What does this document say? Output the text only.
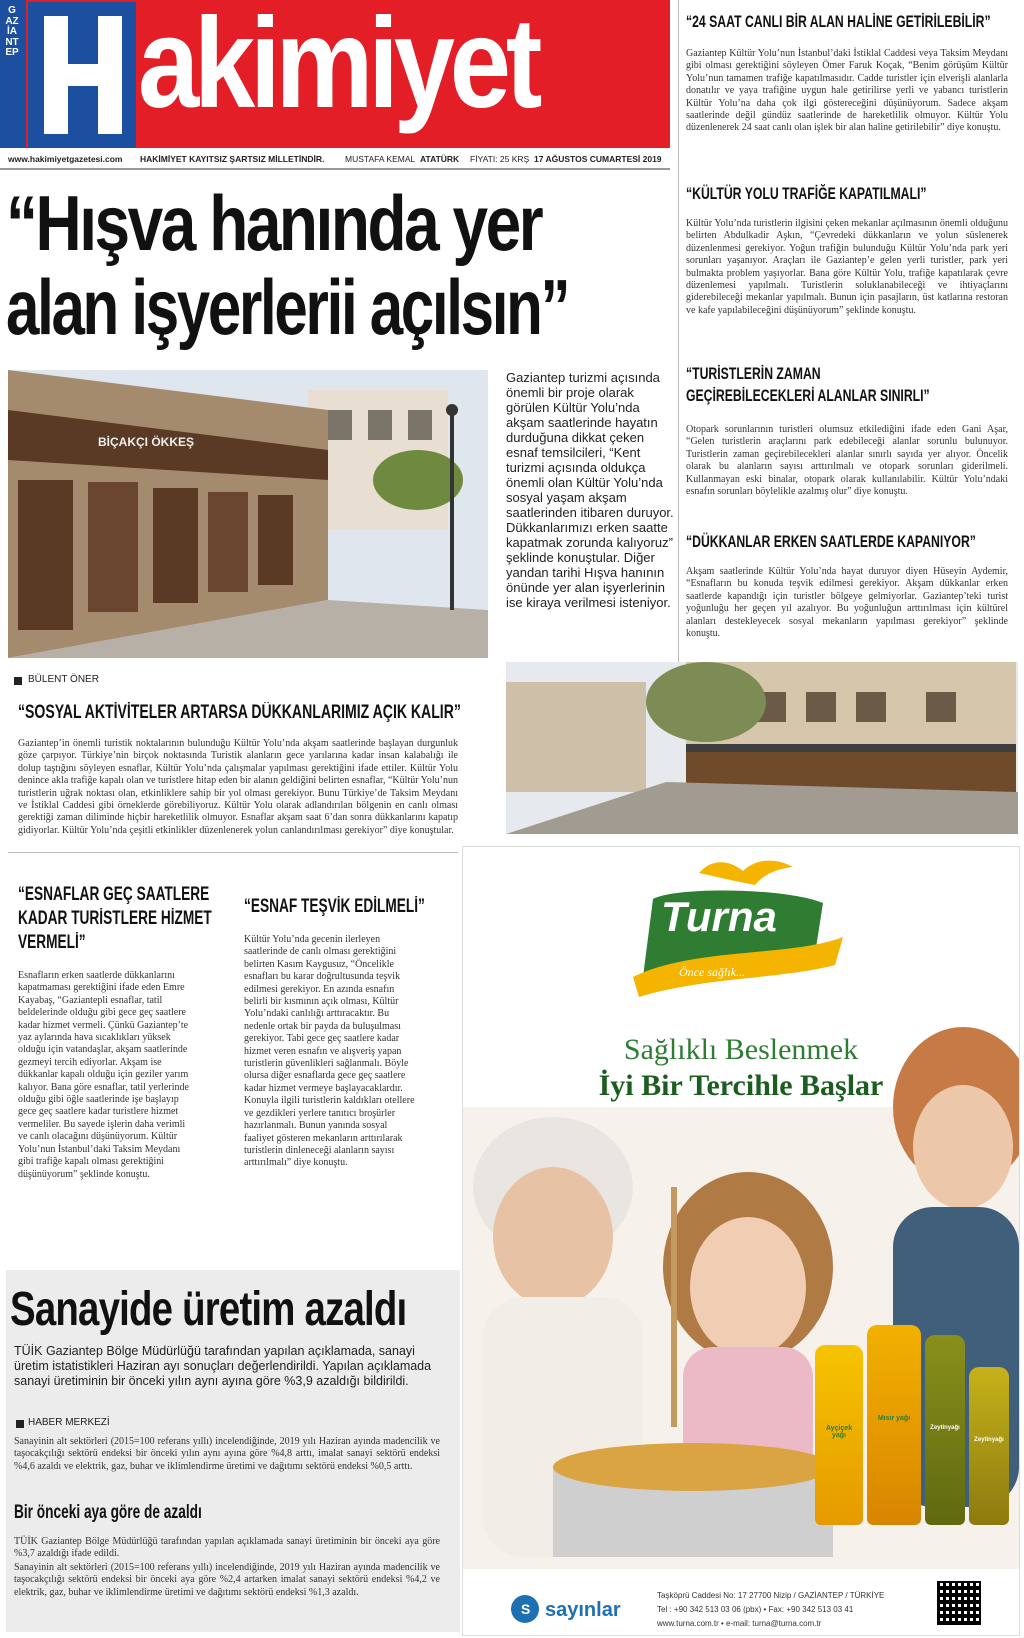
GAZİANTEP akimiyet
www.hakimiyetgazetesi.com HAKİMİYET KAYITSIZ ŞARTSIZ MİLLETİNDİR. MUSTAFA KEMAL ATATÜRK FİYATI: 25 KRŞ 17 AĞUSTOS CUMARTESİ 2019
“Hışva hanında yer
alan işyerlerii açılsın”
BİÇAKÇI ÖKKEŞ
Gaziantep turizmi açısında önemli bir proje olarak görülen Kültür Yolu’nda akşam saatlerinde hayatın durduğuna dikkat çeken esnaf temsilcileri, “Kent turizmi açısında oldukça önemli olan Kültür Yolu’nda sosyal yaşam akşam saatlerinden itibaren duruyor. Dükkanlarımızı erken saatte kapatmak zorunda kalıyoruz” şeklinde konuştular. Diğer yandan tarihi Hışva hanının önünde yer alan işyerlerinin ise kiraya verilmesi isteniyor.
BÜLENT ÖNER
“24 SAAT CANLI BİR ALAN HALİNE GETİRİLEBİLİR”
Gaziantep Kültür Yolu’nun İstanbul’daki İstiklal Caddesi veya Taksim Meydanı gibi olması gerektiğini söyleyen Ömer Faruk Koçak, “Benim görüşüm Kültür Yolu’nun tamamen trafiğe kapatılmasıdır. Cadde turistler için elverişli alanlarla donatılır ve yaya trafiğine uygun hale getirilirse yerli ve yabancı turistlerin Kültür Yolu’na daha çok ilgi göstereceğini düşünüyorum. Sadece akşam saatlerinde değil gündüz saatlerinde de hareketlilik olmuyor. Kültür Yolu düzenlenerek 24 saat canlı olan işlek bir alan haline getirilebilir” diye konuştu.
“KÜLTÜR YOLU TRAFİĞE KAPATILMALI”
Kültür Yolu’nda turistlerin ilgisini çeken mekanlar açılmasının önemli olduğunu belirten Abdulkadir Aşkın, “Çevredeki dükkanların ve yolun süslenerek düzenlenmesi gerekiyor. Yoğun trafiğin bulunduğu Kültür Yolu’nda park yeri sorunları yaşanıyor. Araçları ile Gaziantep’e gelen yerli turistler, park yeri bulmakta problem yaşıyorlar. Bana göre Kültür Yolu, trafiğe kapatılarak çevre düzenlemesi yapılmalı. Turistlerin soluklanabileceği ve ihtiyaçlarını giderebileceği mekanlar yapılmalı. Bunun için pasajların, üst katlarına restoran ve kafe yapılabileceğini düşünüyorum” şeklinde konuştu.
“TURİSTLERİN ZAMAN
GEÇİREBİLECEKLERİ ALANLAR SINIRLI”
Otopark sorunlarının turistleri olumsuz etkilediğini ifade eden Gani Aşar, “Gelen turistlerin araçlarını park edebileceği alanlar sorunlu bulunuyor. Turistlerin zaman geçirebilecekleri alanlar sınırlı sayıda yer alıyor. Öncelik olarak bu alanların sayısı arttırılmalı ve otopark sorunları giderilmeli. Kullanmayan eski binalar, otopark olarak kullanılabilir. Kültür Yolu’ndaki esnafın sorunları böylelikle azalmış olur” diye konuştu.
“DÜKKANLAR ERKEN SAATLERDE KAPANIYOR”
Akşam saatlerinde Kültür Yolu’nda hayat duruyor diyen Hüseyin Aydemir, “Esnafların bu konuda teşvik edilmesi gerekiyor. Akşam dükkanlar erken saatlerde kapandığı için turistler bölgeye gelmiyorlar. Gaziantep’teki turist yoğunluğu her geçen yıl azalıyor. Bu yoğunluğun arttırılması için kültürel alanları destekleyecek sosyal mekanların yapılması gerekiyor” şeklinde konuştu.
“SOSYAL AKTİVİTELER ARTARSA DÜKKANLARIMIZ AÇIK KALIR”
Gaziantep’in önemli turistik noktalarının bulunduğu Kültür Yolu’nda akşam saatlerinde başlayan durgunluk göze çarpıyor. Türkiye’nin birçok noktasında Turistik alanların gece yarılarına kadar insan kalabalığı ile dolup taştığını söyleyen esnaflar, Kültür Yolu’nda çalışmalar yapılması gerektiğini ifade ettiler. Kültür Yolu denince akla trafiğe kapalı olan ve turistlere hitap eden bir alanın geldiğini belirten esnaflar, “Kültür Yolu’nun turistlerin uğrak noktası olan, etkinliklere sahip bir yol olması gerekiyor. Bunu Türkiye’de Taksim Meydanı ve İstiklal Caddesi gibi örneklerde görebiliyoruz. Kültür Yolu olarak adlandırılan bölgenin en canlı olması gerektiği zaman diliminde hiçbir hareketlilik olmuyor. Esnaflar akşam saat 6’dan sonra dükkanlarını kapatıp gidiyorlar. Kültür Yolu’nda çeşitli etkinlikler düzenlenerek yolun canlandırılması gerekiyor” diye konuştular.
“ESNAFLAR GEÇ SAATLERE
KADAR TURİSTLERE HİZMET
VERMELİ”
Esnafların erken saatlerde dükkanlarını kapatmaması gerektiğini ifade eden Emre Kayabaş, “Gaziantepli esnaflar, tatil beldelerinde olduğu gibi gece geç saatlere kadar hizmet vermeli. Çünkü Gaziantep’te yaz aylarında hava sıcaklıkları yüksek olduğu için vatandaşlar, akşam saatlerinde gezmeyi tercih ediyorlar. Akşam ise dükkanlar kapalı olduğu için geziler yarım kalıyor. Bana göre esnaflar, tatil yerlerinde olduğu gibi öğle saatlerinde işe başlayıp gece geç saatlere kadar turistlere hizmet vermeliler. Bu sayede işlerin daha verimli ve canlı olacağını düşünüyorum. Kültür Yolu’nun İstanbul’daki Taksim Meydanı gibi trafiğe kapalı olması gerektiğini düşünüyorum” şeklinde konuştu.
“ESNAF TEŞVİK EDİLMELİ”
Kültür Yolu’nda gecenin ilerleyen saatlerinde de canlı olması gerektiğini belirten Kasım Kaygusuz, “Öncelikle esnafları bu karar doğrultusunda teşvik edilmesi gerekiyor. En azında esnafın belirli bir kısmının açık olması, Kültür Yolu’ndaki canlılığı arttıracaktır. Bu nedenle ortak bir payda da buluşulması gerekiyor. Tabi gece geç saatlere kadar hizmet veren esnafın ve alışveriş yapan turistlerin güvenlikleri sağlanmalı. Böyle olursa diğer esnaflarda gece geç saatlere kadar hizmet vermeye başlayacaklardır. Konuyla ilgili turistlerin kaldıkları otellere ve gezdikleri yerlere tanıtıcı broşürler hazırlanmalı. Bunun yanında sosyal faaliyet gösteren mekanların arttırılarak turistlerin dinleneceği alanların sayısı arttırılmalı” diye konuştu.
Sanayide üretim azaldı
TÜİK Gaziantep Bölge Müdürlüğü tarafından yapılan açıklamada, sanayi üretim istatistikleri Haziran ayı sonuçları değerlendirildi. Yapılan açıklamada sanayi üretiminin bir önceki yılın aynı ayına göre %3,9 azaldığı bildirildi.
HABER MERKEZİ
Sanayinin alt sektörleri (2015=100 referans yıllı) incelendiğinde, 2019 yılı Haziran ayında madencilik ve taşocakçılığı sektörü endeksi bir önceki yılın aynı ayına göre %4,8 arttı, imalat sanayi sektörü endeksi %4,6 azaldı ve elektrik, gaz, buhar ve iklimlendirme üretimi ve dağıtımı sektörü endeksi %0,5 arttı.
Bir önceki aya göre de azaldı
TÜİK Gaziantep Bölge Müdürlüğü tarafından yapılan açıklamada sanayi üretiminin bir önceki aya göre %3,7 azaldığı ifade edildi.
Sanayinin alt sektörleri (2015=100 referans yıllı) incelendiğinde, 2019 yılı Haziran ayında madencilik ve taşocakçılığı sektörü endeksi bir önceki aya göre %2,4 artarken imalat sanayi sektörü endeksi %4,2 ve elektrik, gaz, buhar ve iklimlendirme üretimi ve dağıtımı sektörü endeksi %1,3 azaldı.
S
Ayçiçek yağı
Mısır yağı
Zeytinyağı
Zeytinyağı
Turna
Önce sağlık...
Sağlıklı Beslenmek
İyi Bir Tercihle Başlar
sayınlar
Taşköprü Caddesi No: 17 27700 Nizip / GAZİANTEP / TÜRKİYE
Tel : +90 342 513 03 06 (pbx) • Fax: +90 342 513 03 41
www.turna.com.tr • e-mail: turna@turna.com.tr
